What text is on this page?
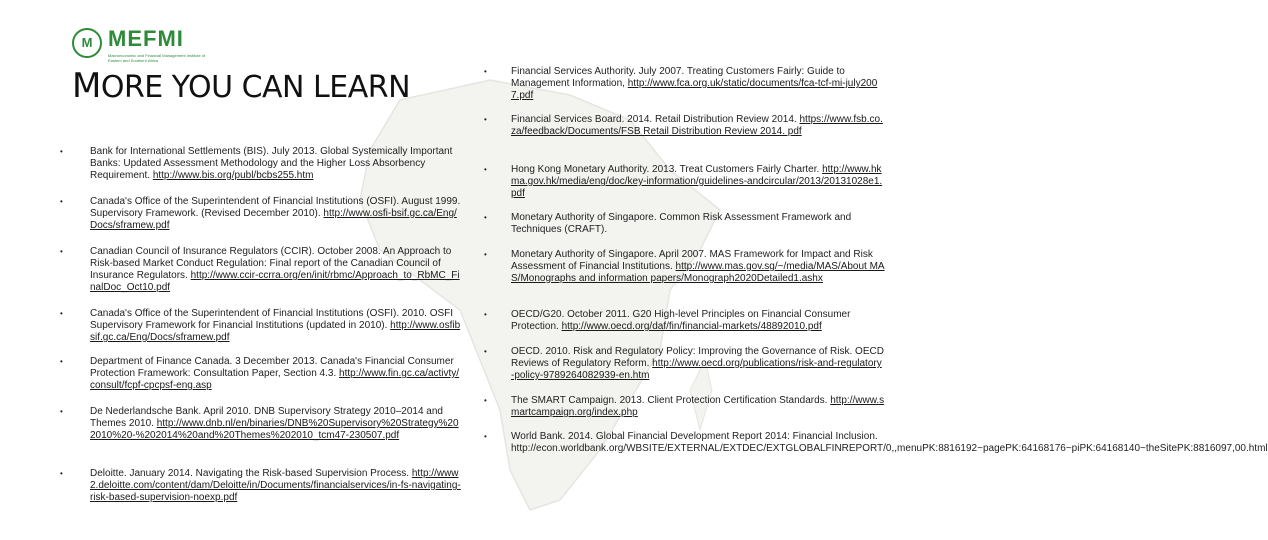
M MEFMI
Macroeconomic and Financial Management Institute of Eastern and Southern Africa
MORE YOU CAN LEARN
•	Bank for International Settlements (BIS). July 2013. Global Systemically Important Banks: Updated Assessment Methodology and the Higher Loss Absorbency Requirement. http://www.bis.org/publ/bcbs255.htm
•	Canada's Office of the Superintendent of Financial Institutions (OSFI). August 1999. Supervisory Framework. (Revised December 2010). http://www.osfi-bsif.gc.ca/Eng/Docs/sframew.pdf
•	Canadian Council of Insurance Regulators (CCIR). October 2008. An Approach to Risk-based Market Conduct Regulation: Final report of the Canadian Council of Insurance Regulators. http://www.ccir-ccrra.org/en/init/rbmc/Approach_to_RbMC_FinalDoc_Oct10.pdf
•	Canada's Office of the Superintendent of Financial Institutions (OSFI). 2010. OSFI Supervisory Framework for Financial Institutions (updated in 2010). http://www.osfibsif.gc.ca/Eng/Docs/sframew.pdf
•	Department of Finance Canada. 3 December 2013. Canada's Financial Consumer Protection Framework: Consultation Paper, Section 4.3. http://www.fin.gc.ca/activty/consult/fcpf-cpcpsf-eng.asp
•	De Nederlandsche Bank. April 2010. DNB Supervisory Strategy 2010–2014 and Themes 2010. http://www.dnb.nl/en/binaries/DNB%20Supervisory%20Strategy%202010%20-%202014%20and%20Themes%202010_tcm47-230507.pdf
•	Deloitte. January 2014. Navigating the Risk-based Supervision Process. http://www2.deloitte.com/content/dam/Deloitte/in/Documents/financialservices/in-fs-navigating-risk-based-supervision-noexp.pdf
• Financial Services Authority. July 2007. Treating Customers Fairly: Guide to Management Information, http://www.fca.org.uk/static/documents/fca-tcf-mi-july2007.pdf
• Financial Services Board. 2014. Retail Distribution Review 2014. https://www.fsb.co.za/feedback/Documents/FSB Retail Distribution Review 2014. pdf
• Hong Kong Monetary Authority. 2013. Treat Customers Fairly Charter. http://www.hkma.gov.hk/media/eng/doc/key-information/guidelines-andcircular/2013/20131028e1.pdf
• Monetary Authority of Singapore. Common Risk Assessment Framework and Techniques (CRAFT).
• Monetary Authority of Singapore. April 2007. MAS Framework for Impact and Risk Assessment of Financial Institutions. http://www.mas.gov.sg/~/media/MAS/About MAS/Monographs and information papers/Monograph2020Detailed1.ashx
• OECD/G20. October 2011. G20 High-level Principles on Financial Consumer Protection. http://www.oecd.org/daf/fin/financial-markets/48892010.pdf
• OECD. 2010. Risk and Regulatory Policy: Improving the Governance of Risk. OECD Reviews of Regulatory Reform. http://www.oecd.org/publications/risk-and-regulatory-policy-9789264082939-en.htm
• The SMART Campaign. 2013. Client Protection Certification Standards. http://www.smartcampaign.org/index.php
• World Bank. 2014. Global Financial Development Report 2014: Financial Inclusion. http://econ.worldbank.org/WBSITE/EXTERNAL/EXTDEC/EXTGLOBALFINREPORT/0,,menuPK:8816192~pagePK:64168176~piPK:64168140~theSitePK:8816097,00.html
